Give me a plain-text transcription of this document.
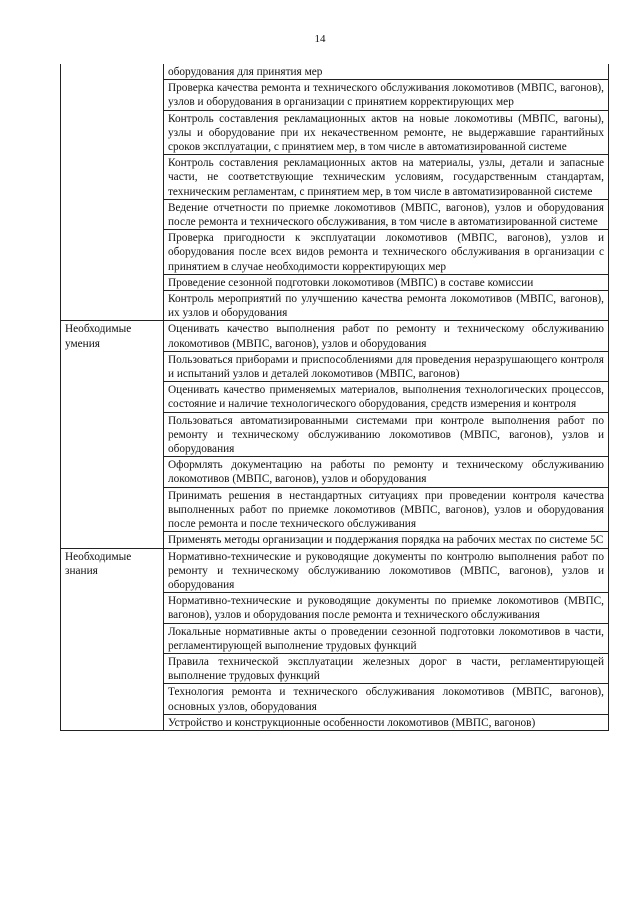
14
	оборудования для принятия мер
	Проверка качества ремонта и технического обслуживания локомотивов (МВПС, вагонов), узлов и оборудования в организации с принятием корректирующих мер
	Контроль составления рекламационных актов на новые локомотивы (МВПС, вагоны), узлы и оборудование при их некачественном ремонте, не выдержавшие гарантийных сроков эксплуатации, с принятием мер, в том числе в автоматизированной системе
	Контроль составления рекламационных актов на материалы, узлы, детали и запасные части, не соответствующие техническим условиям, государственным стандартам, техническим регламентам, с принятием мер, в том числе в автоматизированной системе
	Ведение отчетности по приемке локомотивов (МВПС, вагонов), узлов и оборудования после ремонта и технического обслуживания, в том числе в автоматизированной системе
	Проверка пригодности к эксплуатации локомотивов (МВПС, вагонов), узлов и оборудования после всех видов ремонта и технического обслуживания в организации с принятием в случае необходимости корректирующих мер
	Проведение сезонной подготовки локомотивов (МВПС) в составе комиссии
	Контроль мероприятий по улучшению качества ремонта локомотивов (МВПС, вагонов), их узлов и оборудования
Необходимые умения	Оценивать качество выполнения работ по ремонту и техническому обслуживанию локомотивов (МВПС, вагонов), узлов и оборудования
	Пользоваться приборами и приспособлениями для проведения неразрушающего контроля и испытаний узлов и деталей локомотивов (МВПС, вагонов)
	Оценивать качество применяемых материалов, выполнения технологических процессов, состояние и наличие технологического оборудования, средств измерения и контроля
	Пользоваться автоматизированными системами при контроле выполнения работ по ремонту и техническому обслуживанию локомотивов (МВПС, вагонов), узлов и оборудования
	Оформлять документацию на работы по ремонту и техническому обслуживанию локомотивов (МВПС, вагонов), узлов и оборудования
	Принимать решения в нестандартных ситуациях при проведении контроля качества выполненных работ по приемке локомотивов (МВПС, вагонов), узлов и оборудования после ремонта и после технического обслуживания
	Применять методы организации и поддержания порядка на рабочих местах по системе 5С
Необходимые знания	Нормативно-технические и руководящие документы по контролю выполнения работ по ремонту и техническому обслуживанию локомотивов (МВПС, вагонов), узлов и оборудования
	Нормативно-технические и руководящие документы по приемке локомотивов (МВПС, вагонов), узлов и оборудования после ремонта и технического обслуживания
	Локальные нормативные акты о проведении сезонной подготовки локомотивов в части, регламентирующей выполнение трудовых функций
	Правила технической эксплуатации железных дорог в части, регламентирующей выполнение трудовых функций
	Технология ремонта и технического обслуживания локомотивов (МВПС, вагонов), основных узлов, оборудования
	Устройство и конструкционные особенности локомотивов (МВПС, вагонов)
